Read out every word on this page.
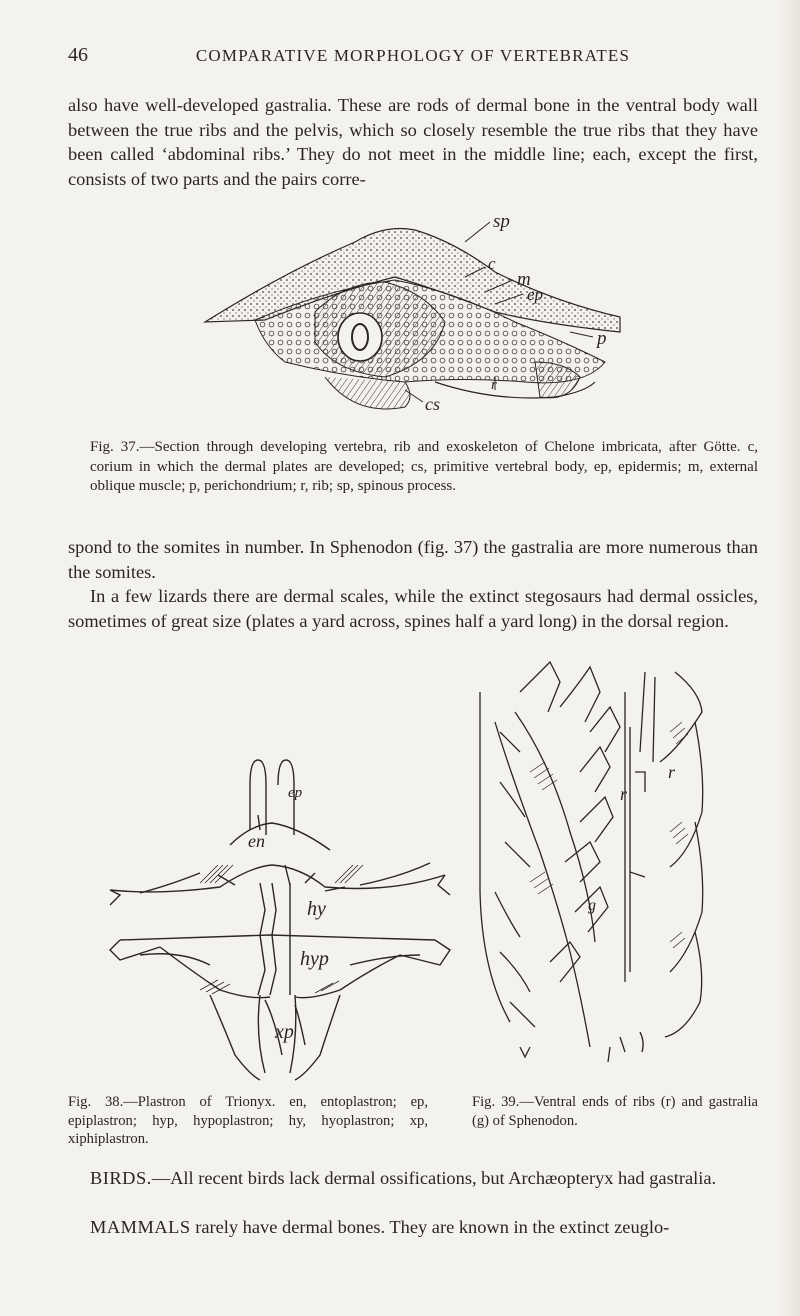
46	COMPARATIVE MORPHOLOGY OF VERTEBRATES

also have well-developed gastralia. These are rods of dermal bone in the ventral body wall between the true ribs and the pelvis, which so closely resemble the true ribs that they have been called ‘abdominal ribs.’ They do not meet in the middle line; each, except the first, consists of two parts and the pairs corre-

sp
c
m
ep
p
r
cs

Fig. 37.—Section through developing vertebra, rib and exoskeleton of Chelone imbricata, after Götte. c, corium in which the dermal plates are developed; cs, primitive vertebral body, ep, epidermis; m, external oblique muscle; p, perichondrium; r, rib; sp, spinous process.

spond to the somites in number. In Sphenodon (fig. 37) the gastralia are more numerous than the somites.

In a few lizards there are dermal scales, while the extinct stegosaurs had dermal ossicles, sometimes of great size (plates a yard across, spines half a yard long) in the dorsal region.

ep
en
hy
hyp
xp
r
r
g

Fig. 38.—Plastron of Trionyx. en, entoplastron; ep, epiplastron; hyp, hypoplastron; hy, hyoplastron; xp, xiphiplastron.

Fig. 39.—Ventral ends of ribs (r) and gastralia (g) of Sphenodon.

BIRDS.—All recent birds lack dermal ossifications, but Archæopteryx had gastralia.

MAMMALS rarely have dermal bones. They are known in the extinct zeuglo-
